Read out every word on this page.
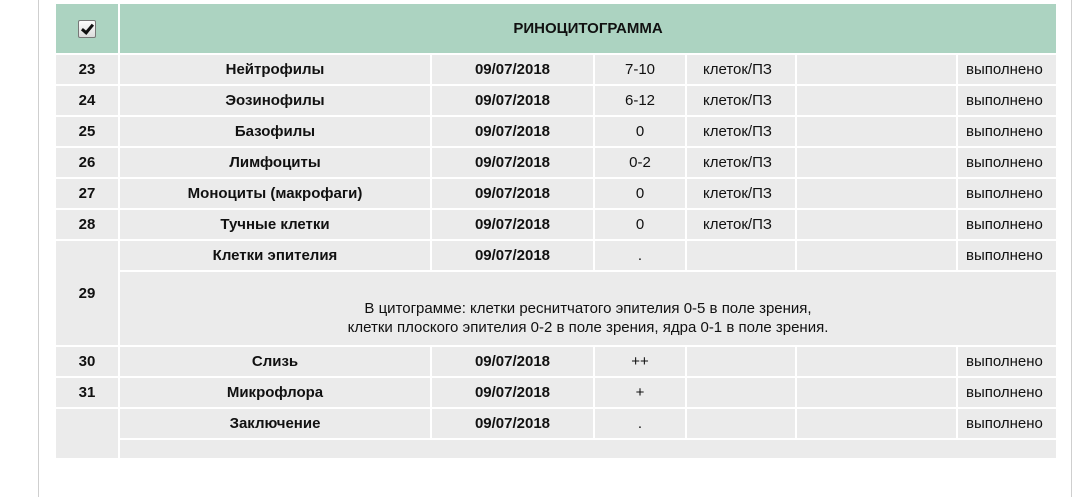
	РИНОЦИТОГРАММА					
23	Нейтрофилы	09/07/2018	7-10	клеток/ПЗ		выполнено
24	Эозинофилы	09/07/2018	6-12	клеток/ПЗ		выполнено
25	Базофилы	09/07/2018	0	клеток/ПЗ		выполнено
26	Лимфоциты	09/07/2018	0-2	клеток/ПЗ		выполнено
27	Моноциты (макрофаги)	09/07/2018	0	клеток/ПЗ		выполнено
28	Тучные клетки	09/07/2018	0	клеток/ПЗ		выполнено
29	Клетки эпителия	09/07/2018	.			выполнено

	В цитограмме: клетки реснитчатого эпителия 0-5 в поле зрения,
клетки плоского эпителия 0-2 в поле зрения, ядра 0-1 в поле зрения.					

30	Слизь	09/07/2018	++			выполнено
31	Микрофлора	09/07/2018	+			выполнено
	Заключение	09/07/2018	.			выполнено
